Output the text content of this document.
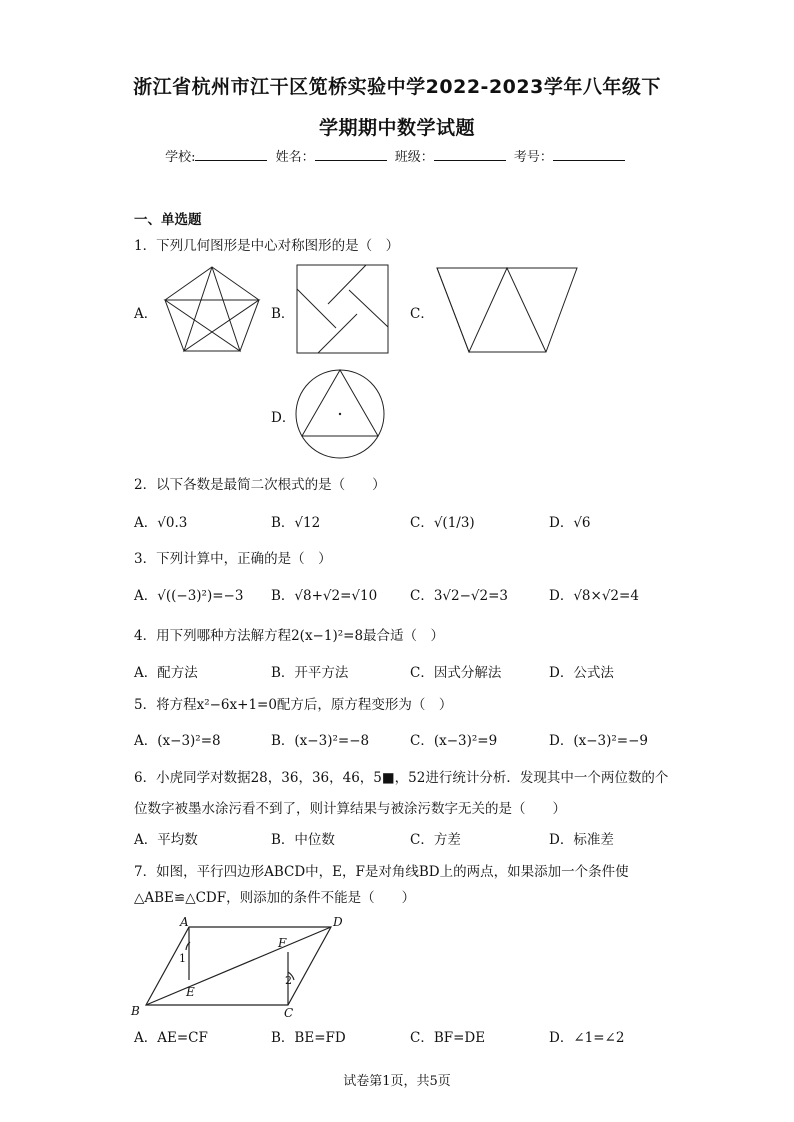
浙江省杭州市江干区笕桥实验中学2022-2023学年八年级下
学期期中数学试题
学校:	姓名：	班级：	考号：
一、单选题
1．下列几何图形是中心对称图形的是（　）
A．	B．	C．
D．
2．以下各数是最简二次根式的是（　　）
A．√0.3	B．√12	C．√(1/3)	D．√6
3．下列计算中，正确的是（　）
A．√((−3)²)=−3 B．√8+√2=√10 C．3√2−√2=3	D．√8×√2=4
4．用下列哪种方法解方程2(x−1)²=8最合适（　）
A．配方法	B．开平方法	C．因式分解法	D．公式法
5．将方程x²−6x+1=0配方后，原方程变形为（　）
A．(x−3)²=8	B．(x−3)²=−8	C．(x−3)²=9	D．(x−3)²=−9
6．小虎同学对数据28，36，36，46，5■，52进行统计分析．发现其中一个两位数的个
位数字被墨水涂污看不到了，则计算结果与被涂污数字无关的是（　　）
A．平均数	B．中位数	C．方差	D．标准差
7．如图，平行四边形ABCD中，E，F是对角线BD上的两点，如果添加一个条件使
△ABE≌△CDF，则添加的条件不能是（　　）
A
B	C
D
E
F
1
2
A．AE=CF	B．BE=FD	C．BF=DE	D．∠1=∠2
试卷第1页，共5页
